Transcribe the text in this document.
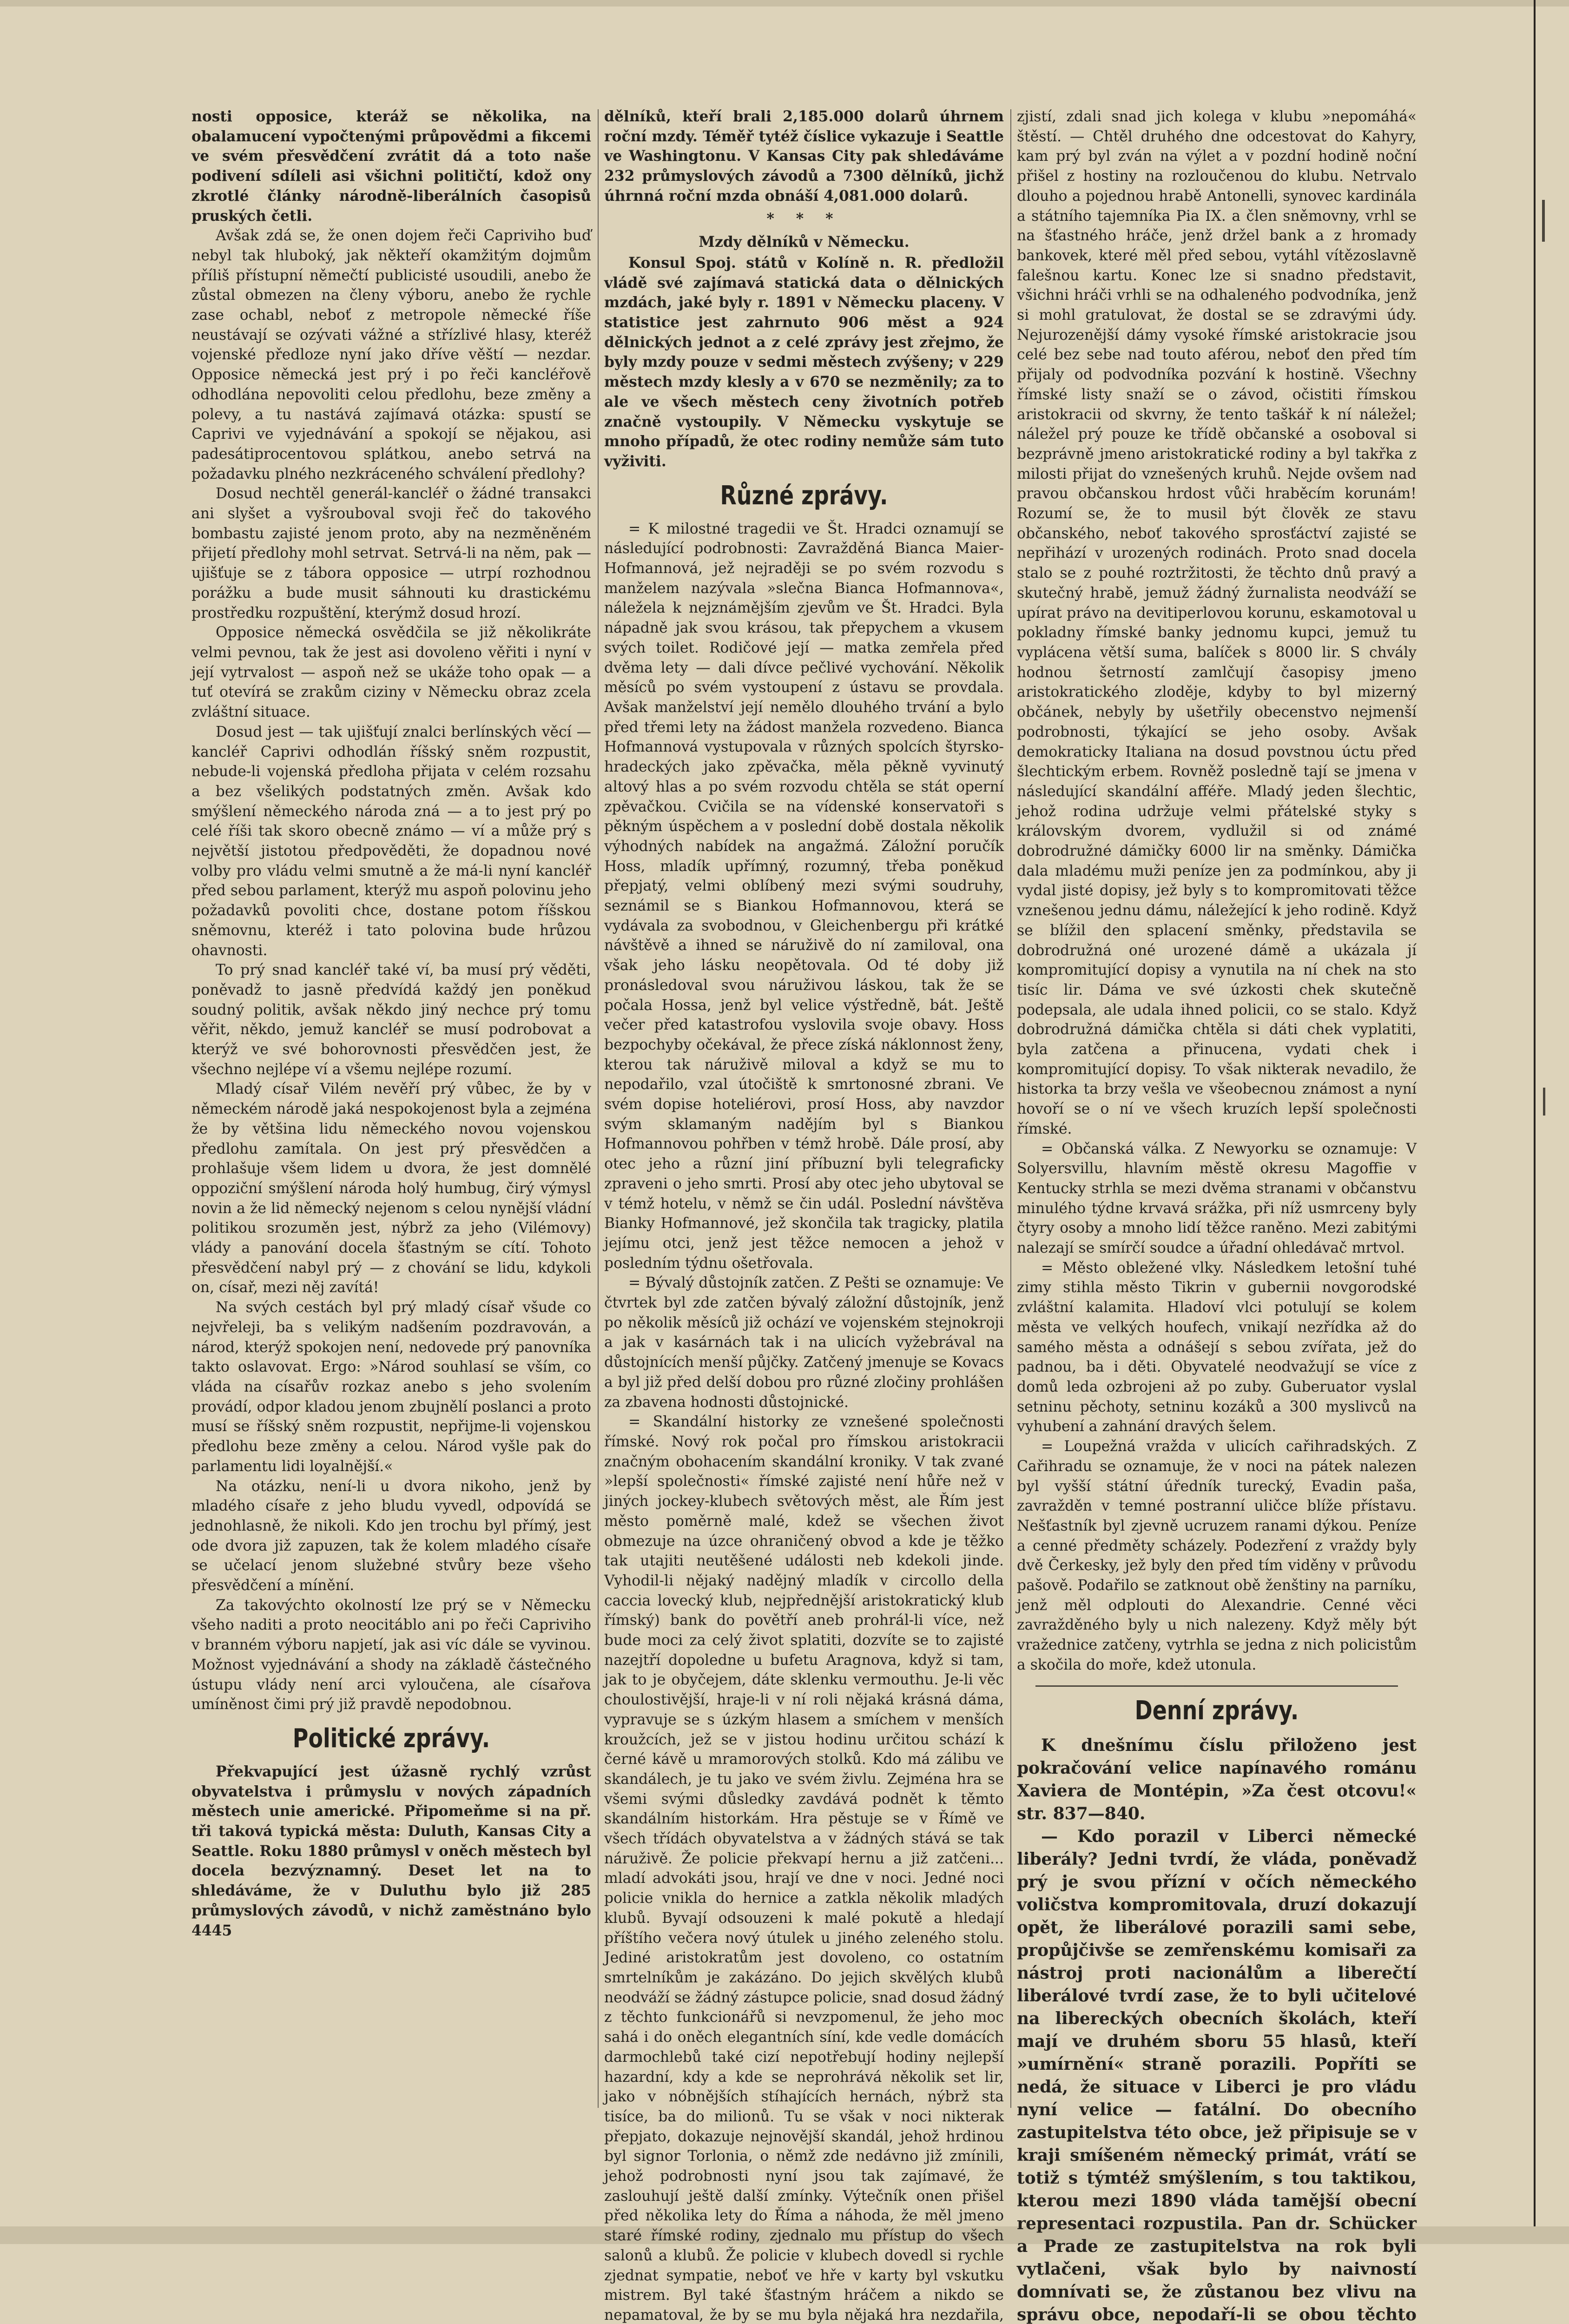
nosti opposice, kteráž se několika, na obalamucení vypočtenými průpovědmi a fikcemi ve svém přesvědčení zvrátit dá a toto naše podivení sdíleli asi všichni političtí, kdož ony zkrotlé články národně-liberálních časopisů pruských četli.

Avšak zdá se, že onen dojem řeči Capriviho buď nebyl tak hluboký, jak někteří okamžitým dojmům příliš přístupní němečtí publicisté usoudili, anebo že zůstal obmezen na členy výboru, anebo že rychle zase ochabl, neboť z metropole německé říše neustávají se ozývati vážné a střízlivé hlasy, kteréž vojenské předloze nyní jako dříve věští — nezdar. Opposice německá jest prý i po řeči kancléřově odhodlána nepovoliti celou předlohu, beze změny a polevy, a tu nastává zajímavá otázka: spustí se Caprivi ve vyjednávání a spokojí se nějakou, asi padesátiprocentovou splátkou, anebo setrvá na požadavku plného nezkráceného schválení předlohy?

Dosud nechtěl generál-kancléř o žádné transakci ani slyšet a vyšrouboval svoji řeč do takového bombastu zajisté jenom proto, aby na nezměněném přijetí předlohy mohl setrvat. Setrvá-li na něm, pak — ujišťuje se z tábora opposice — utrpí rozhodnou porážku a bude musit sáhnouti ku drastickému prostředku rozpuštění, kterýmž dosud hrozí.

Opposice německá osvědčila se již několikráte velmi pevnou, tak že jest asi dovoleno věřiti i nyní v její vytrvalost — aspoň než se ukáže toho opak — a tuť otevírá se zrakům ciziny v Německu obraz zcela zvláštní situace.

Dosud jest — tak ujišťují znalci berlínských věcí — kancléř Caprivi odhodlán říšský sněm rozpustit, nebude-li vojenská předloha přijata v celém rozsahu a bez všelikých podstatných změn. Avšak kdo smýšlení německého národa zná — a to jest prý po celé říši tak skoro obecně známo — ví a může prý s největší jistotou předpověděti, že dopadnou nové volby pro vládu velmi smutně a že má-li nyní kancléř před sebou parlament, kterýž mu aspoň polovinu jeho požadavků povoliti chce, dostane potom říšskou sněmovnu, kteréž i tato polovina bude hrůzou ohavnosti.

To prý snad kancléř také ví, ba musí prý věděti, poněvadž to jasně předvídá každý jen poněkud soudný politik, avšak někdo jiný nechce prý tomu věřit, někdo, jemuž kancléř se musí podrobovat a kterýž ve své bohorovnosti přesvědčen jest, že všechno nejlépe ví a všemu nejlépe rozumí.

Mladý císař Vilém nevěří prý vůbec, že by v německém národě jaká nespokojenost byla a zejména že by většina lidu německého novou vojenskou předlohu zamítala. On jest prý přesvědčen a prohlašuje všem lidem u dvora, že jest domnělé oppoziční smýšlení národa holý humbug, čirý výmysl novin a že lid německý nejenom s celou nynější vládní politikou srozuměn jest, nýbrž za jeho (Vilémovy) vlády a panování docela šťastným se cítí. Tohoto přesvědčení nabyl prý — z chování se lidu, kdykoli on, císař, mezi něj zavítá!

Na svých cestách byl prý mladý císař všude co nejvřeleji, ba s velikým nadšením pozdravován, a národ, kterýž spokojen není, nedovede prý panovníka takto oslavovat. Ergo: »Národ souhlasí se vším, co vláda na císařův rozkaz anebo s jeho svolením provádí, odpor kladou jenom zbujnělí poslanci a proto musí se říšský sněm rozpustit, nepřijme-li vojenskou předlohu beze změny a celou. Národ vyšle pak do parlamentu lidi loyalnější.«

Na otázku, není-li u dvora nikoho, jenž by mladého císaře z jeho bludu vyvedl, odpovídá se jednohlasně, že nikoli. Kdo jen trochu byl přímý, jest ode dvora již zapuzen, tak že kolem mladého císaře se učelací jenom služebné stvůry beze všeho přesvědčení a mínění.

Za takovýchto okolností lze prý se v Německu všeho naditi a proto neocitáblo ani po řeči Capriviho v branném výboru napjetí, jak asi víc dále se vyvinou. Možnost vyjednávání a shody na základě částečného ústupu vlády není arci vyloučena, ale císařova umíněnost čimi prý již pravdě nepodobnou.

Politické zprávy.

Překvapující jest úžasně rychlý vzrůst obyvatelstva i průmyslu v nových západních městech unie americké. Připomeňme si na př. tři taková typická města: Duluth, Kansas City a Seattle. Roku 1880 průmysl v oněch městech byl docela bezvýznamný. Deset let na to shledáváme, že v Duluthu bylo již 285 průmyslových závodů, v nichž zaměstnáno bylo 4445

dělníků, kteří brali 2,185.000 dolarů úhrnem roční mzdy. Téměř tytéž číslice vykazuje i Seattle ve Washingtonu. V Kansas City pak shledáváme 232 průmyslových závodů a 7300 dělníků, jichž úhrnná roční mzda obnáší 4,081.000 dolarů.

* * *

Mzdy dělníků v Německu.

Konsul Spoj. států v Kolíně n. R. předložil vládě své zajímavá statická data o dělnických mzdách, jaké byly r. 1891 v Německu placeny. V statistice jest zahrnuto 906 měst a 924 dělnických jednot a z celé zprávy jest zřejmo, že byly mzdy pouze v sedmi městech zvýšeny; v 229 městech mzdy klesly a v 670 se nezměnily; za to ale ve všech městech ceny životních potřeb značně vystoupily. V Německu vyskytuje se mnoho případů, že otec rodiny nemůže sám tuto vyživiti.

Různé zprávy.

= K milostné tragedii ve Št. Hradci oznamují se následující podrobnosti: Zavražděná Bianca Maier-Hofmannová, jež nejraději se po svém rozvodu s manželem nazývala »slečna Bianca Hofmannova«, náležela k nejznámějším zjevům ve Št. Hradci. Byla nápadně jak svou krásou, tak přepychem a vkusem svých toilet. Rodičové její — matka zemřela před dvěma lety — dali dívce pečlivé vychování. Několik měsíců po svém vystoupení z ústavu se provdala. Avšak manželství její nemělo dlouhého trvání a bylo před třemi lety na žádost manžela rozvedeno. Bianca Hofmannová vystupovala v různých spolcích štyrsko-hradeckých jako zpěvačka, měla pěkně vyvinutý altový hlas a po svém rozvodu chtěla se stát operní zpěvačkou. Cvičila se na vídenské konservatoři s pěkným úspěchem a v poslední době dostala několik výhodných nabídek na angažmá. Záložní poručík Hoss, mladík upřímný, rozumný, třeba poněkud přepjatý, velmi oblíbený mezi svými soudruhy, seznámil se s Biankou Hofmannovou, která se vydávala za svobodnou, v Gleichenbergu při krátké návštěvě a ihned se náruživě do ní zamiloval, ona však jeho lásku neopětovala. Od té doby již pronásledoval svou náruživou láskou, tak že se počala Hossa, jenž byl velice výstředně, bát. Ještě večer před katastrofou vyslovila svoje obavy. Hoss bezpochyby očekával, že přece získá náklonnost ženy, kterou tak náruživě miloval a když se mu to nepodařilo, vzal útočiště k smrtonosné zbrani. Ve svém dopise hoteliérovi, prosí Hoss, aby navzdor svým sklamaným nadějím byl s Biankou Hofmannovou pohřben v témž hrobě. Dále prosí, aby otec jeho a různí jiní příbuzní byli telegraficky zpraveni o jeho smrti. Prosí aby otec jeho ubytoval se v témž hotelu, v němž se čin udál. Poslední návštěva Bianky Hofmannové, jež skončila tak tragicky, platila jejímu otci, jenž jest těžce nemocen a jehož v posledním týdnu ošetřovala.

= Bývalý důstojník zatčen. Z Pešti se oznamuje: Ve čtvrtek byl zde zatčen bývalý záložní důstojník, jenž po několik měsíců již ochází ve vojenském stejnokroji a jak v kasárnách tak i na ulicích vyžebrával na důstojnících menší půjčky. Zatčený jmenuje se Kovacs a byl již před delší dobou pro různé zločiny prohlášen za zbavena hodnosti důstojnické.

= Skandální historky ze vznešené společnosti římské. Nový rok počal pro římskou aristokracii značným obohacením skandální kroniky. V tak zvané »lepší společnosti« římské zajisté není hůře než v jiných jockey-klubech světových měst, ale Řím jest město poměrně malé, kdež se všechen život obmezuje na úzce ohraničený obvod a kde je těžko tak utajiti neutěšené události neb kdekoli jinde. Vyhodil-li nějaký nadějný mladík v circollo della caccia lovecký klub, nejpřednější aristokratický klub římský) bank do povětří aneb prohrál-li více, než bude moci za celý život splatiti, dozvíte se to zajisté nazejtří dopoledne u bufetu Aragnova, když si tam, jak to je obyčejem, dáte sklenku vermouthu. Je-li věc choulostivější, hraje-li v ní roli nějaká krásná dáma, vypravuje se s úzkým hlasem a smíchem v menších kroužcích, jež se v jistou hodinu určitou schází k černé kávě u mramorových stolků. Kdo má zálibu ve skandálech, je tu jako ve svém živlu. Zejména hra se všemi svými důsledky zavdává podnět k těmto skandálním historkám. Hra pěstuje se v Římě ve všech třídách obyvatelstva a v žádných stává se tak náruživě. Že policie překvapí hernu a již zatčeni... mladí advokáti jsou, hrají ve dne v noci. Jedné noci policie vnikla do hernice a zatkla několik mladých klubů. Byvají odsouzeni k malé pokutě a hledají příštího večera nový útulek u jiného zeleného stolu. Jediné aristokratům jest dovoleno, co ostatním smrtelníkům je zakázáno. Do jejich skvělých klubů neodváží se žádný zástupce policie, snad dosud žádný z těchto funkcionářů si nevzpomenul, že jeho moc sahá i do oněch elegantních síní, kde vedle domácích darmochlebů také cizí nepotřebují hodiny nejlepší hazardní, kdy a kde se neprohrává několik set lir, jako v nóbnějších stíhajících hernách, nýbrž sta tisíce, ba do milionů. Tu se však v noci nikterak přepjato, dokazuje nejnovější skandál, jehož hrdinou byl signor Torlonia, o němž zde nedávno již zmínili, jehož podrobnosti nyní jsou tak zajímavé, že zaslouhují ještě další zmínky. Výtečník onen přišel před několika lety do Říma a náhoda, že měl jmeno staré římské rodiny, zjednalo mu přístup do všech salonů a klubů. Že policie v klubech dovedl si rychle zjednat sympatie, neboť ve hře v karty byl vskutku mistrem. Byl také šťastným hráčem a nikdo se nepamatoval, že by se mu byla nějaká hra nezdařila,

zjistí, zdali snad jich kolega v klubu »nepomáhá« štěstí. — Chtěl druhého dne odcestovat do Kahyry, kam prý byl zván na výlet a v pozdní hodině noční přišel z hostiny na rozloučenou do klubu. Netrvalo dlouho a pojednou hrabě Antonelli, synovec kardinála a státního tajemníka Pia IX. a člen sněmovny, vrhl se na šťastného hráče, jenž držel bank a z hromady bankovek, které měl před sebou, vytáhl vítězoslavně falešnou kartu. Konec lze si snadno představit, všichni hráči vrhli se na odhaleného podvodníka, jenž si mohl gratulovat, že dostal se se zdravými údy. Nejurozenější dámy vysoké římské aristokracie jsou celé bez sebe nad touto aférou, neboť den před tím přijaly od podvodníka pozvání k hostině. Všechny římské listy snaží se o závod, očistiti římskou aristokracii od skvrny, že tento taškář k ní náležel; náležel prý pouze ke třídě občanské a osoboval si bezprávně jmeno aristokratické rodiny a byl takřka z milosti přijat do vznešených kruhů. Nejde ovšem nad pravou občanskou hrdost vůči hraběcím korunám! Rozumí se, že to musil být člověk ze stavu občanského, neboť takového sprosťáctví zajisté se nepřihází v urozených rodinách. Proto snad docela stalo se z pouhé roztržitosti, že těchto dnů pravý a skutečný hrabě, jemuž žádný žurnalista neodváží se upírat právo na devitiperlovou korunu, eskamotoval u pokladny římské banky jednomu kupci, jemuž tu vyplácena větší suma, balíček s 8000 lir. S chvály hodnou šetrností zamlčují časopisy jmeno aristokratického zloděje, kdyby to byl mizerný občánek, nebyly by ušetřily obecenstvo nejmenší podrobnosti, týkající se jeho osoby. Avšak demokraticky Italiana na dosud povstnou úctu před šlechtickým erbem. Rovněž posledně tají se jmena v následující skandální afféře. Mladý jeden šlechtic, jehož rodina udržuje velmi přátelské styky s královským dvorem, vydlužil si od známé dobrodružné dámičky 6000 lir na směnky. Dámička dala mladému muži peníze jen za podmínkou, aby ji vydal jisté dopisy, jež byly s to kompromitovati těžce vznešenou jednu dámu, náležející k jeho rodině. Když se blížil den splacení směnky, představila se dobrodružná oné urozené dámě a ukázala jí kompromitující dopisy a vynutila na ní chek na sto tisíc lir. Dáma ve své úzkosti chek skutečně podepsala, ale udala ihned policii, co se stalo. Když dobrodružná dámička chtěla si dáti chek vyplatiti, byla zatčena a přinucena, vydati chek i kompromitující dopisy. To však nikterak nevadilo, že historka ta brzy vešla ve všeobecnou známost a nyní hovoří se o ní ve všech kruzích lepší společnosti římské.

= Občanská válka. Z Newyorku se oznamuje: V Solyersvillu, hlavním městě okresu Magoffie v Kentucky strhla se mezi dvěma stranami v občanstvu minulého týdne krvavá srážka, při níž usmrceny byly čtyry osoby a mnoho lidí těžce raněno. Mezi zabitými nalezají se smírčí soudce a úřadní ohledávač mrtvol.

= Město obležené vlky. Následkem letošní tuhé zimy stihla město Tikrin v gubernii novgorodské zvláštní kalamita. Hladoví vlci potulují se kolem města ve velkých houfech, vnikají nezřídka až do samého města a odnášejí s sebou zvířata, jež do padnou, ba i děti. Obyvatelé neodvažují se více z domů leda ozbrojeni až po zuby. Guberuator vyslal setninu pěchoty, setninu kozáků a 300 myslivců na vyhubení a zahnání dravých šelem.

= Loupežná vražda v ulicích cařihradských. Z Cařihradu se oznamuje, že v noci na pátek nalezen byl vyšší státní úředník turecký, Evadin paša, zavražděn v temné postranní uličce blíže přístavu. Nešťastník byl zjevně ucruzem ranami dýkou. Peníze a cenné předměty scházely. Podezření z vraždy byly dvě Čerkesky, jež byly den před tím viděny v průvodu pašově. Podařilo se zatknout obě ženštiny na parníku, jenž měl odplouti do Alexandrie. Cenné věci zavražděného byly u nich nalezeny. Když měly být vražednice zatčeny, vytrhla se jedna z nich policistům a skočila do moře, kdež utonula.

Denní zprávy.

K dnešnímu číslu přiloženo jest pokračování velice napínavého románu Xaviera de Montépin, »Za čest otcovu!« str. 837—840.

— Kdo porazil v Liberci německé liberály? Jedni tvrdí, že vláda, poněvadž prý je svou přízní v očích německého voličstva kompromitovala, druzí dokazují opět, že liberálové porazili sami sebe, propůjčivše se zemřenskému komisaři za nástroj proti nacionálům a liberečtí liberálové tvrdí zase, že to byli učitelové na libereckých obecních školách, kteří mají ve druhém sboru 55 hlasů, kteří »umírnění« straně porazili. Popříti se nedá, že situace v Liberci je pro vládu nyní velice — fatální. Do obecního zastupitelstva této obce, jež připisuje se v kraji smíšeném německý primát, vrátí se totiž s týmtéž smýšlením, s tou taktikou, kterou mezi 1890 vláda tamější obecní representaci rozpustila. Pan dr. Schücker a Prade ze zastupitelstva na rok byli vytlačeni, však bylo by naivností domnívati se, že zůstanou bez vlivu na správu obce, nepodaří-li se obou těchto
